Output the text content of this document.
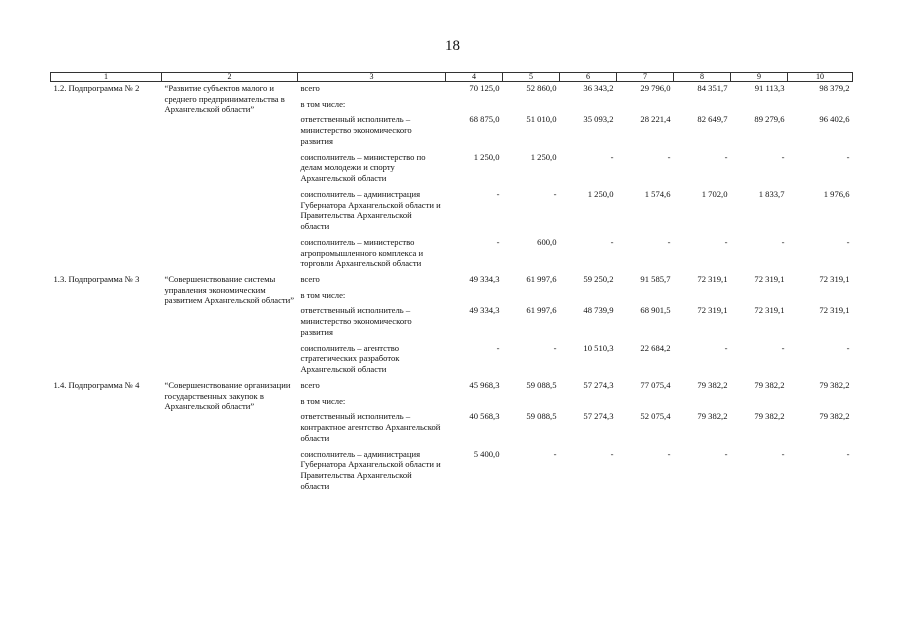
18
1	2	3	4	5	6	7	8	9	10
1.2. Подпрограмма № 2	“Развитие субъектов малого и среднего предпринимательства в Архангельской области”	всего	70 125,0	52 860,0	36 343,2	29 796,0	84 351,7	91 113,3	98 379,2
		в том числе:							
		ответственный исполнитель – министерство экономического развития	68 875,0	51 010,0	35 093,2	28 221,4	82 649,7	89 279,6	96 402,6
		соисполнитель – министерство по делам молодежи и спорту Архангельской области	1 250,0	1 250,0	-	-	-	-	-
		соисполнитель – администрация Губернатора Архангельской области и Правительства Архангельской области	-	-	1 250,0	1 574,6	1 702,0	1 833,7	1 976,6
		соисполнитель – министерство агропромышленного комплекса и торговли Архангельской области	-	600,0	-	-	-	-	-
1.3. Подпрограмма № 3	“Совершенствование системы управления экономическим развитием Архангельской области”	всего	49 334,3	61 997,6	59 250,2	91 585,7	72 319,1	72 319,1	72 319,1
		в том числе:							
		ответственный исполнитель – министерство экономического развития	49 334,3	61 997,6	48 739,9	68 901,5	72 319,1	72 319,1	72 319,1
		соисполнитель – агентство стратегических разработок Архангельской области	-	-	10 510,3	22 684,2	-	-	-
1.4. Подпрограмма № 4	“Совершенствование организации государственных закупок в Архангельской области”	всего	45 968,3	59 088,5	57 274,3	77 075,4	79 382,2	79 382,2	79 382,2
		в том числе:							
		ответственный исполнитель – контрактное агентство Архангельской области	40 568,3	59 088,5	57 274,3	52 075,4	79 382,2	79 382,2	79 382,2
		соисполнитель – администрация Губернатора Архангельской области и Правительства Архангельской области	5 400,0	-	-	-	-	-	-
